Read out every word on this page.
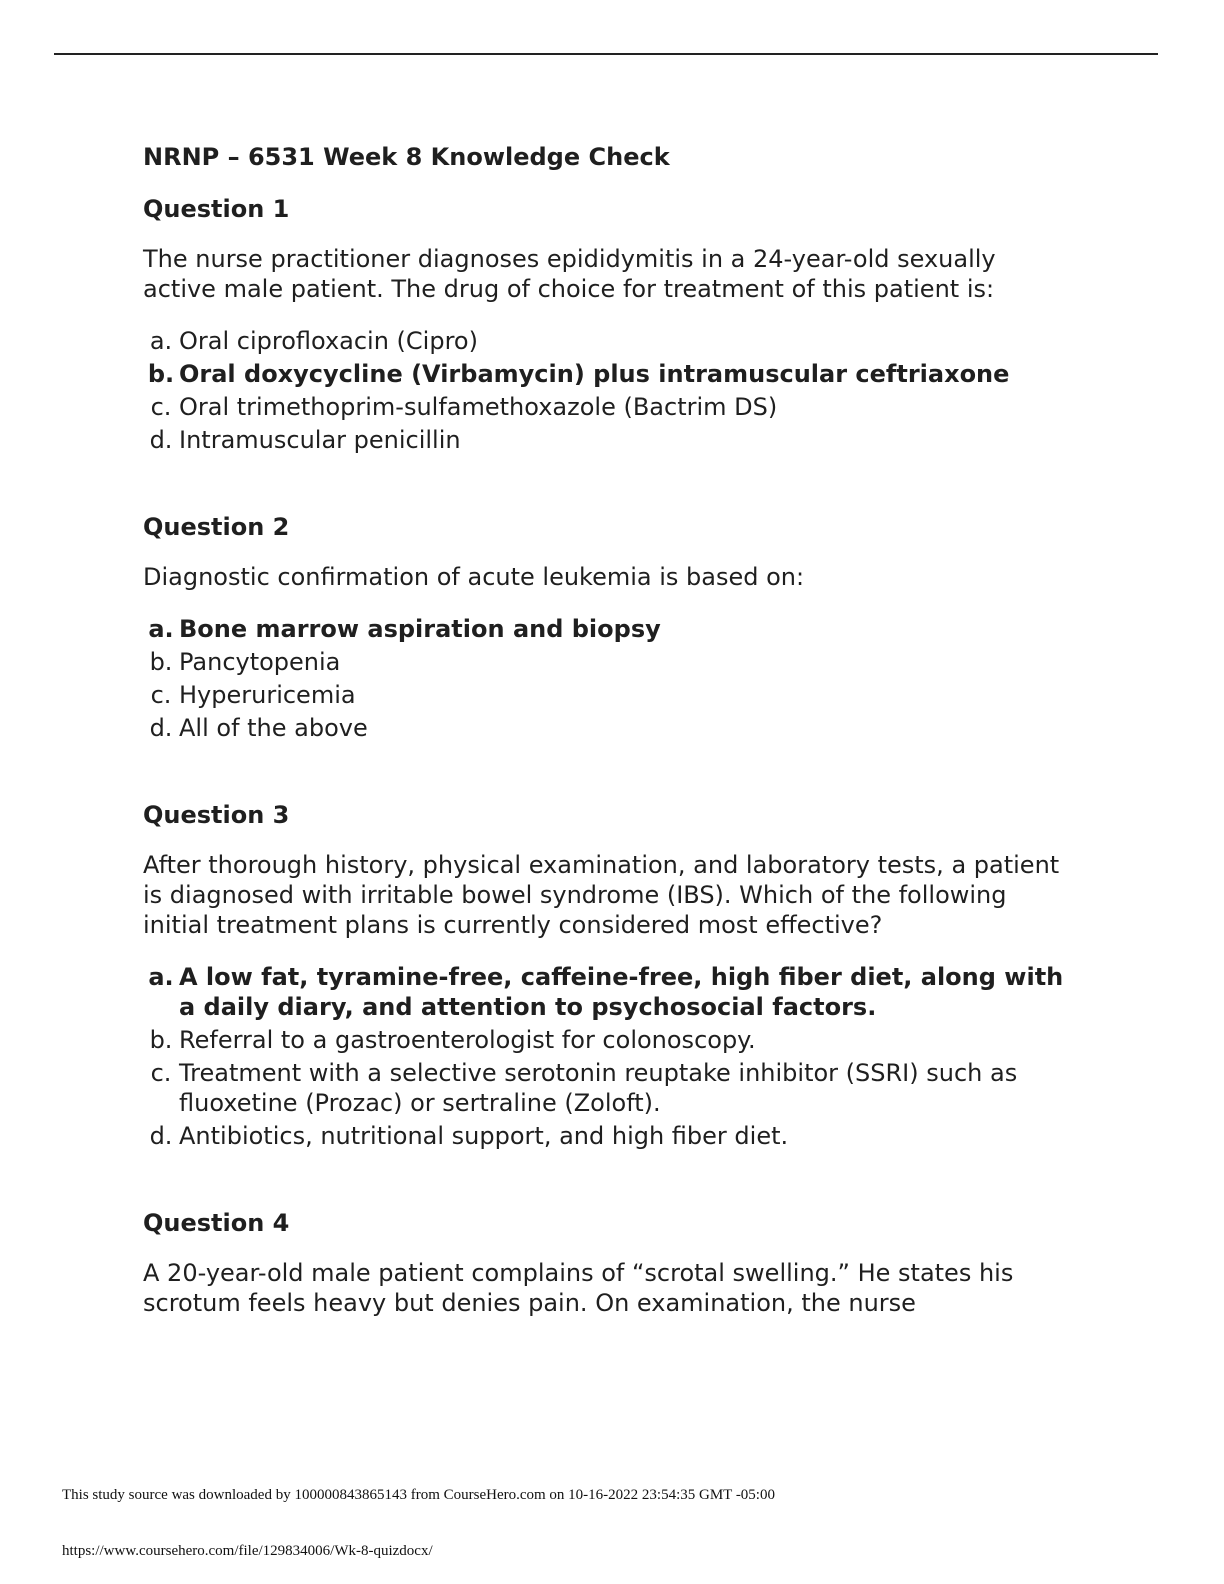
NRNP – 6531 Week 8 Knowledge Check
Question 1
The nurse practitioner diagnoses epididymitis in a 24-year-old sexually active male patient. The drug of choice for treatment of this patient is:
a. Oral ciprofloxacin (Cipro)
b. Oral doxycycline (Virbamycin) plus intramuscular ceftriaxone
c. Oral trimethoprim-sulfamethoxazole (Bactrim DS)
d. Intramuscular penicillin
Question 2
Diagnostic confirmation of acute leukemia is based on:
a. Bone marrow aspiration and biopsy
b. Pancytopenia
c. Hyperuricemia
d. All of the above
Question 3
After thorough history, physical examination, and laboratory tests, a patient is diagnosed with irritable bowel syndrome (IBS). Which of the following initial treatment plans is currently considered most effective?
a. A low fat, tyramine-free, caffeine-free, high fiber diet, along with a daily diary, and attention to psychosocial factors.
b. Referral to a gastroenterologist for colonoscopy.
c. Treatment with a selective serotonin reuptake inhibitor (SSRI) such as fluoxetine (Prozac) or sertraline (Zoloft).
d. Antibiotics, nutritional support, and high fiber diet.
Question 4
A 20-year-old male patient complains of “scrotal swelling.” He states his scrotum feels heavy but denies pain. On examination, the nurse
This study source was downloaded by 100000843865143 from CourseHero.com on 10-16-2022 23:54:35 GMT -05:00
https://www.coursehero.com/file/129834006/Wk-8-quizdocx/
